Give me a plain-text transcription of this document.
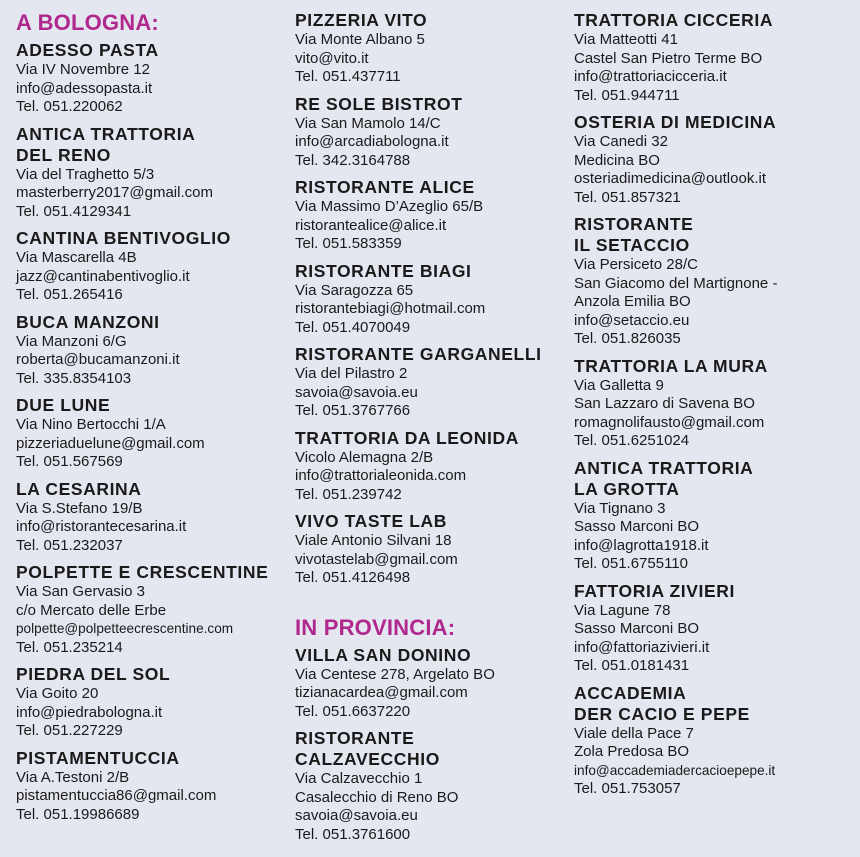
A BOLOGNA:
ADESSO PASTA
Via IV Novembre 12
info@adessopasta.it
Tel. 051.220062
ANTICA TRATTORIA
DEL RENO
Via del Traghetto 5/3
masterberry2017@gmail.com
Tel. 051.4129341
CANTINA BENTIVOGLIO
Via Mascarella 4B
jazz@cantinabentivoglio.it
Tel. 051.265416
BUCA MANZONI
Via Manzoni 6/G
roberta@bucamanzoni.it
Tel. 335.8354103
DUE LUNE
Via Nino Bertocchi 1/A
pizzeriaduelune@gmail.com
Tel. 051.567569
LA CESARINA
Via S.Stefano 19/B
info@ristorantecesarina.it
Tel. 051.232037
POLPETTE E CRESCENTINE
Via San Gervasio 3
c/o Mercato delle Erbe
polpette@polpetteecrescentine.com
Tel. 051.235214
PIEDRA DEL SOL
Via Goito 20
info@piedrabologna.it
Tel. 051.227229
PISTAMENTUCCIA
Via A.Testoni 2/B
pistamentuccia86@gmail.com
Tel. 051.19986689
PIZZERIA VITO
Via Monte Albano 5
vito@vito.it
Tel. 051.437711
RE SOLE BISTROT
Via San Mamolo 14/C
info@arcadiabologna.it
Tel. 342.3164788
RISTORANTE ALICE
Via Massimo D’Azeglio 65/B
ristorantealice@alice.it
Tel. 051.583359
RISTORANTE BIAGI
Via Saragozza 65
ristorantebiagi@hotmail.com
Tel. 051.4070049
RISTORANTE GARGANELLI
Via del Pilastro 2
savoia@savoia.eu
Tel. 051.3767766
TRATTORIA DA LEONIDA
Vicolo Alemagna 2/B
info@trattorialeonida.com
Tel. 051.239742
VIVO TASTE LAB
Viale Antonio Silvani 18
vivotastelab@gmail.com
Tel. 051.4126498
IN PROVINCIA:
VILLA SAN DONINO
Via Centese 278, Argelato BO
tizianacardea@gmail.com
Tel. 051.6637220
RISTORANTE
CALZAVECCHIO
Via Calzavecchio 1
Casalecchio di Reno BO
savoia@savoia.eu
Tel. 051.3761600
TRATTORIA CICCERIA
Via Matteotti 41
Castel San Pietro Terme BO
info@trattoriacicceria.it
Tel. 051.944711
OSTERIA DI MEDICINA
Via Canedi 32
Medicina BO
osteriadimedicina@outlook.it
Tel. 051.857321
RISTORANTE
IL SETACCIO
Via Persiceto 28/C
San Giacomo del Martignone -
Anzola Emilia BO
info@setaccio.eu
Tel. 051.826035
TRATTORIA LA MURA
Via Galletta 9
San Lazzaro di Savena BO
romagnolifausto@gmail.com
Tel. 051.6251024
ANTICA TRATTORIA
LA GROTTA
Via Tignano 3
Sasso Marconi BO
info@lagrotta1918.it
Tel. 051.6755110
FATTORIA ZIVIERI
Via Lagune 78
Sasso Marconi BO
info@fattoriazivieri.it
Tel. 051.0181431
ACCADEMIA
DER CACIO E PEPE
Viale della Pace 7
Zola Predosa BO
info@accademiadercacioepepe.it
Tel. 051.753057
